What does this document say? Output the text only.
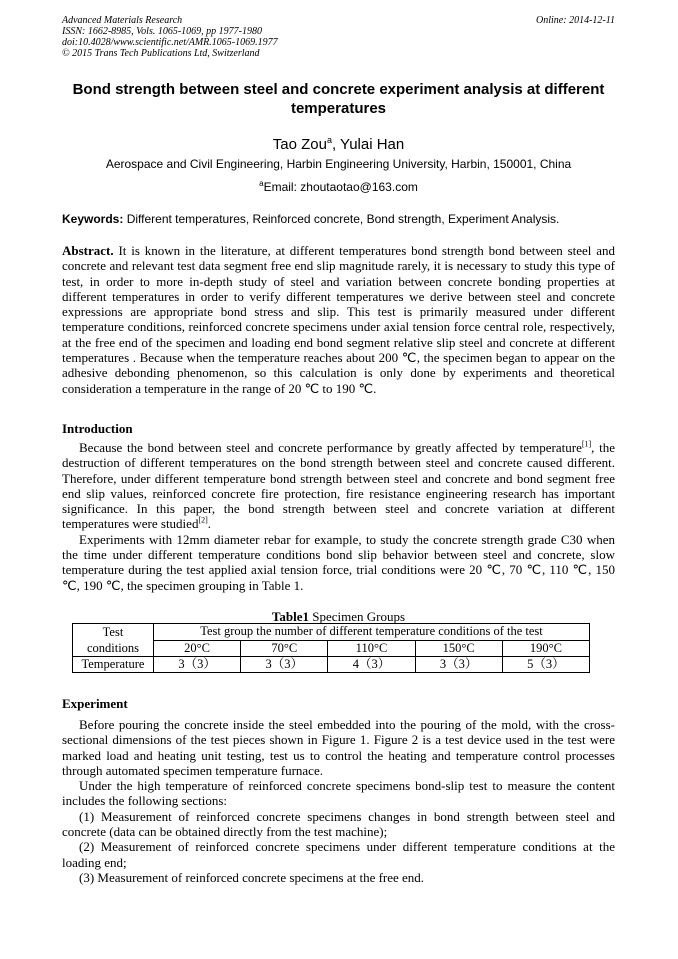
Advanced Materials Research
ISSN: 1662-8985, Vols. 1065-1069, pp 1977-1980
doi:10.4028/www.scientific.net/AMR.1065-1069.1977
© 2015 Trans Tech Publications Ltd, Switzerland
Online: 2014-12-11
Bond strength between steel and concrete experiment analysis at different temperatures
Tao Zou$^a$, Yulai Han
Aerospace and Civil Engineering, Harbin Engineering University, Harbin, 150001, China
$^a$Email: zhoutaotao@163.com
Keywords: Different temperatures, Reinforced concrete, Bond strength, Experiment Analysis.
Abstract. It is known in the literature, at different temperatures bond strength bond between steel and concrete and relevant test data segment free end slip magnitude rarely, it is necessary to study this type of test, in order to more in-depth study of steel and variation between concrete bonding properties at different temperatures in order to verify different temperatures we derive between steel and concrete expressions are appropriate bond stress and slip. This test is primarily measured under different temperature conditions, reinforced concrete specimens under axial tension force central role, respectively, at the free end of the specimen and loading end bond segment relative slip steel and concrete at different temperatures . Because when the temperature reaches about 200 ℃, the specimen began to appear on the adhesive debonding phenomenon, so this calculation is only done by experiments and theoretical consideration a temperature in the range of 20 ℃ to 190 ℃.
Introduction

Because the bond between steel and concrete performance by greatly affected by temperature[1], the destruction of different temperatures on the bond strength between steel and concrete caused different. Therefore, under different temperature bond strength between steel and concrete and bond segment free end slip values, reinforced concrete fire protection, fire resistance engineering research has important significance. In this paper, the bond strength between steel and concrete variation at different temperatures were studied[2].

Experiments with 12mm diameter rebar for example, to study the concrete strength grade C30 when the time under different temperature conditions bond slip behavior between steel and concrete, slow temperature during the test applied axial tension force, trial conditions were 20 ℃, 70 ℃, 110 ℃, 150 ℃, 190 ℃, the specimen grouping in Table 1.

Table1 Specimen Groups
Test
conditions	Test group the number of different temperature conditions of the test				
	20°C	70°C	110°C	150°C	190°C
Temperature	3（3）	3（3）	4（3）	3（3）	5（3）
Experiment

Before pouring the concrete inside the steel embedded into the pouring of the mold, with the cross-sectional dimensions of the test pieces shown in Figure 1. Figure 2 is a test device used in the test were marked load and heating unit testing, test us to control the heating and temperature control processes through automated specimen temperature furnace.

Under the high temperature of reinforced concrete specimens bond-slip test to measure the content includes the following sections:

(1) Measurement of reinforced concrete specimens changes in bond strength between steel and concrete (data can be obtained directly from the test machine);

(2) Measurement of reinforced concrete specimens under different temperature conditions at the loading end;

(3) Measurement of reinforced concrete specimens at the free end.
